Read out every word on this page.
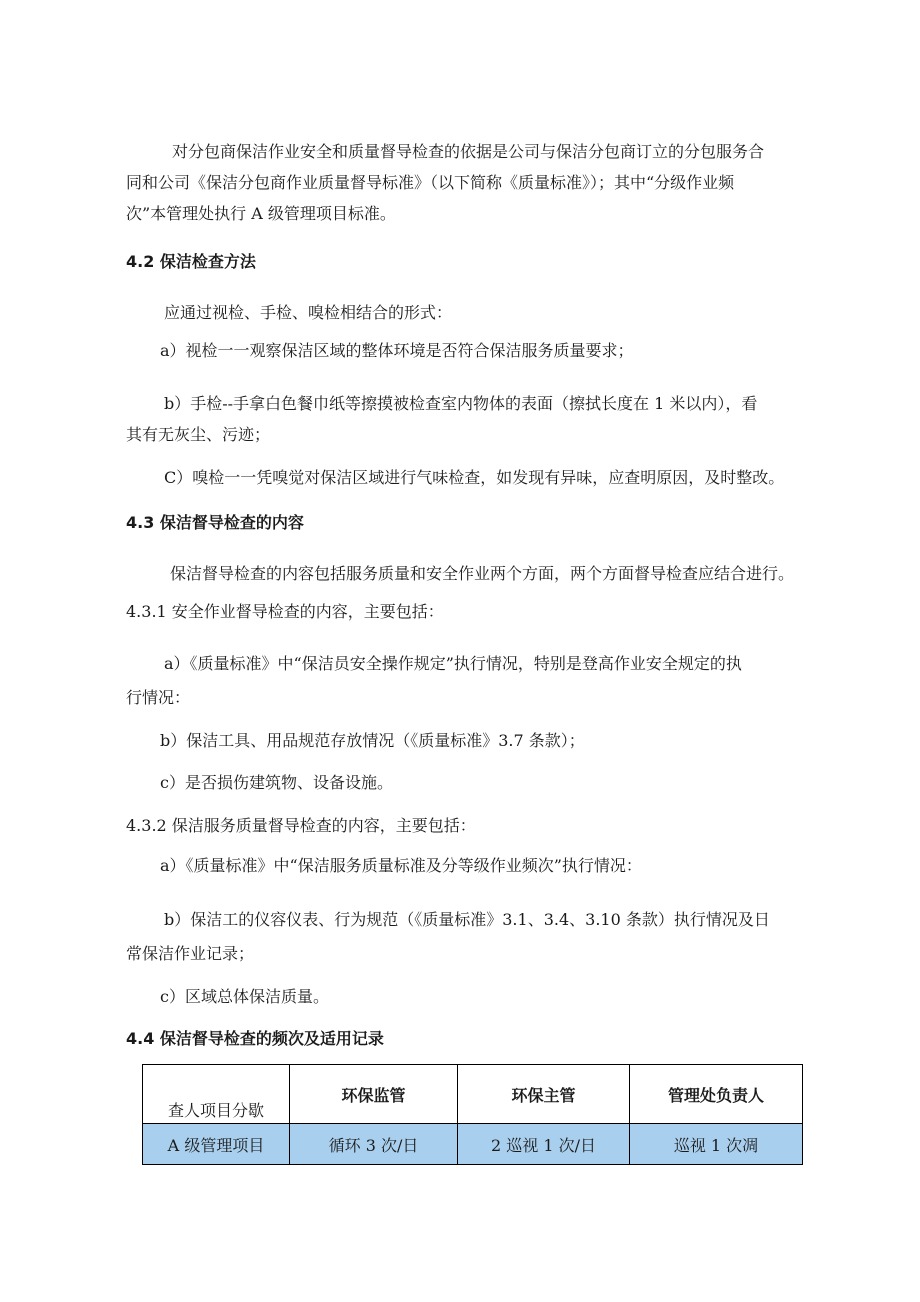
对分包商保洁作业安全和质量督导检查的依据是公司与保洁分包商订立的分包服务合
同和公司《保洁分包商作业质量督导标准》（以下简称《质量标准》）；其中“分级作业频
次”本管理处执行 A 级管理项目标准。
4.2 保洁检查方法
应通过视检、手检、嗅检相结合的形式：
a）视检一一观察保洁区域的整体环境是否符合保洁服务质量要求；
b）手检--手拿白色餐巾纸等擦摸被检查室内物体的表面（擦拭长度在 1 米以内），看
其有无灰尘、污迹；
C）嗅检一一凭嗅觉对保洁区域进行气味检查，如发现有异味，应查明原因，及时整改。
4.3 保洁督导检查的内容
保洁督导检查的内容包括服务质量和安全作业两个方面，两个方面督导检查应结合进行。
4.3.1 安全作业督导检查的内容，主要包括：
a）《质量标准》中“保洁员安全操作规定”执行情况，特别是登高作业安全规定的执
行情况：
b）保洁工具、用品规范存放情况（《质量标准》3.7 条款）；
c）是否损伤建筑物、设备设施。
4.3.2 保洁服务质量督导检查的内容，主要包括：
a）《质量标准》中“保洁服务质量标准及分等级作业频次”执行情况：
b）保洁工的仪容仪表、行为规范（《质量标准》3.1、3.4、3.10 条款）执行情况及日
常保洁作业记录；
c）区域总体保洁质量。
4.4 保洁督导检查的频次及适用记录
查人项目分歇	环保监管	环保主管	管理处负责人
A 级管理项目	循环 3 次/日	2 巡视 1 次/日	巡视 1 次凋
